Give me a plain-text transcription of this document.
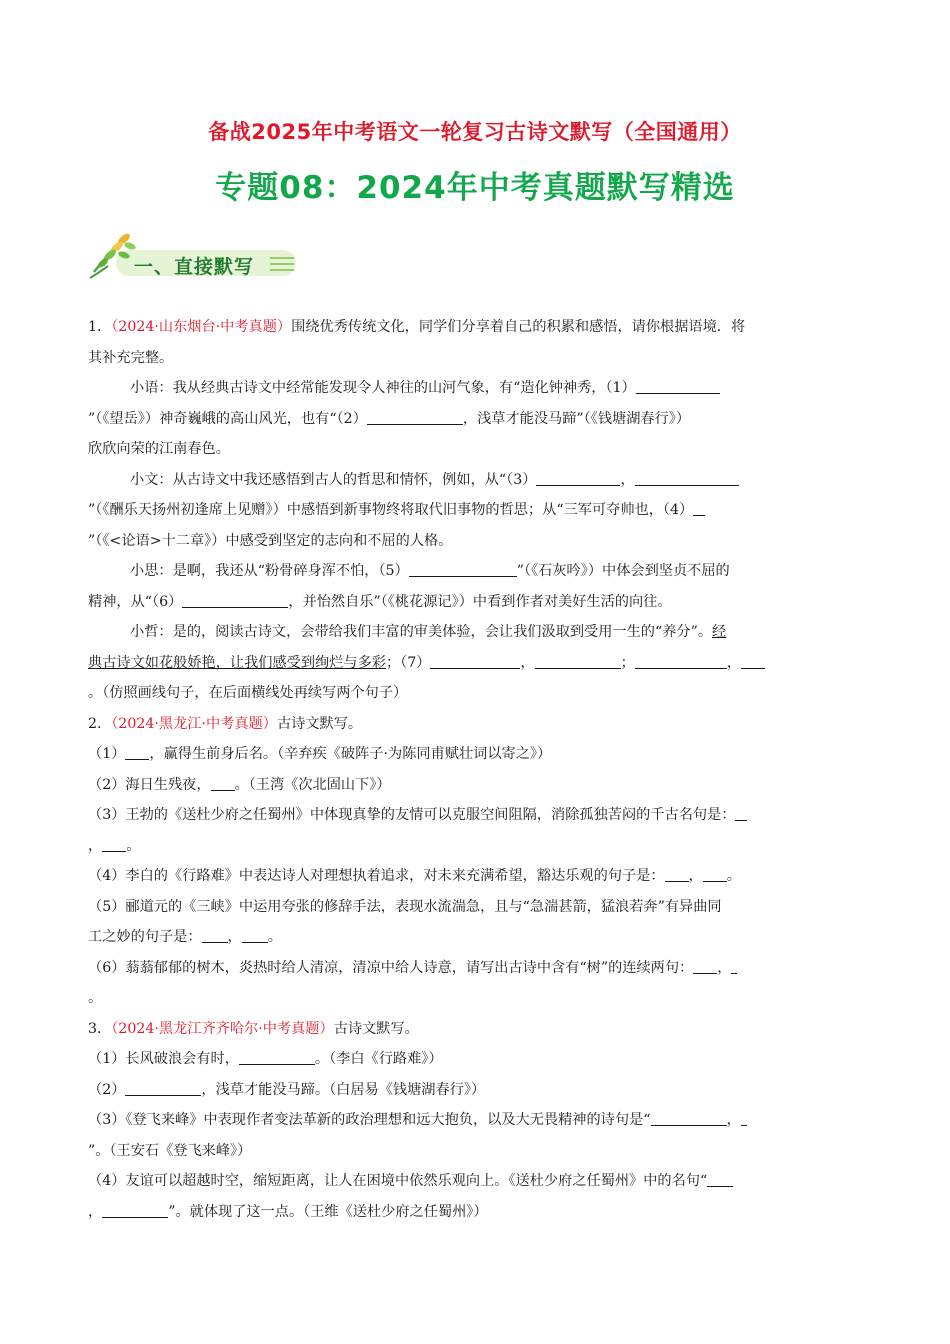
备战2025年中考语文一轮复习古诗文默写（全国通用）
专题08：2024年中考真题默写精选
一、直接默写
1．（2024·山东烟台·中考真题）围绕优秀传统文化，同学们分享着自己的积累和感悟，请你根据语境．将
其补充完整。
小语：我从经典古诗文中经常能发现令人神往的山河气象，有“造化钟神秀，（1）
”（《望岳》）神奇巍峨的高山风光，也有“（2）	，浅草才能没马蹄”（《钱塘湖春行》）
欣欣向荣的江南春色。
小文：从古诗文中我还感悟到古人的哲思和情怀，例如，从“（3）	，
”（《酬乐天扬州初逢席上见赠》）中感悟到新事物终将取代旧事物的哲思；从“三军可夺帅也，（4）
”（《<论语>十二章》）中感受到坚定的志向和不屈的人格。
小思：是啊，我还从“粉骨碎身浑不怕，（5）	”（《石灰吟》）中体会到坚贞不屈的
精神，从“（6）	，并怡然自乐”（《桃花源记》）中看到作者对美好生活的向往。
小哲：是的，阅读古诗文，会带给我们丰富的审美体验，会让我们汲取到受用一生的“养分”。经
典古诗文如花般娇艳，让我们感受到绚烂与多彩；（7）	，	；	，
。（仿照画线句子，在后面横线处再续写两个句子）
2．（2024·黑龙江·中考真题）古诗文默写。
（1） ，赢得生前身后名。（辛弃疾《破阵子·为陈同甫赋壮词以寄之》）
（2）海日生残夜， 。（王湾《次北固山下》）
（3）王勃的《送杜少府之任蜀州》中体现真挚的友情可以克服空间阻隔，消除孤独苦闷的千古名句是：
， 。
（4）李白的《行路难》中表达诗人对理想执着追求，对未来充满希望，豁达乐观的句子是： ， 。
（5）郦道元的《三峡》中运用夸张的修辞手法，表现水流湍急，且与“急湍甚箭，猛浪若奔”有异曲同
工之妙的句子是： ， 。
（6）蓊蓊郁郁的树木，炎热时给人清凉，清凉中给人诗意，请写出古诗中含有“树”的连续两句： ，
。
3．（2024·黑龙江齐齐哈尔·中考真题）古诗文默写。
（1）长风破浪会有时，	。（李白《行路难》）
（2）	，浅草才能没马蹄。（白居易《钱塘湖春行》）
（3）《登飞来峰》中表现作者变法革新的政治理想和远大抱负，以及大无畏精神的诗句是“	，
”。（王安石《登飞来峰》）
（4）友谊可以超越时空，缩短距离，让人在困境中依然乐观向上。《送杜少府之任蜀州》中的名句“
，	”。就体现了这一点。（王维《送杜少府之任蜀州》）
